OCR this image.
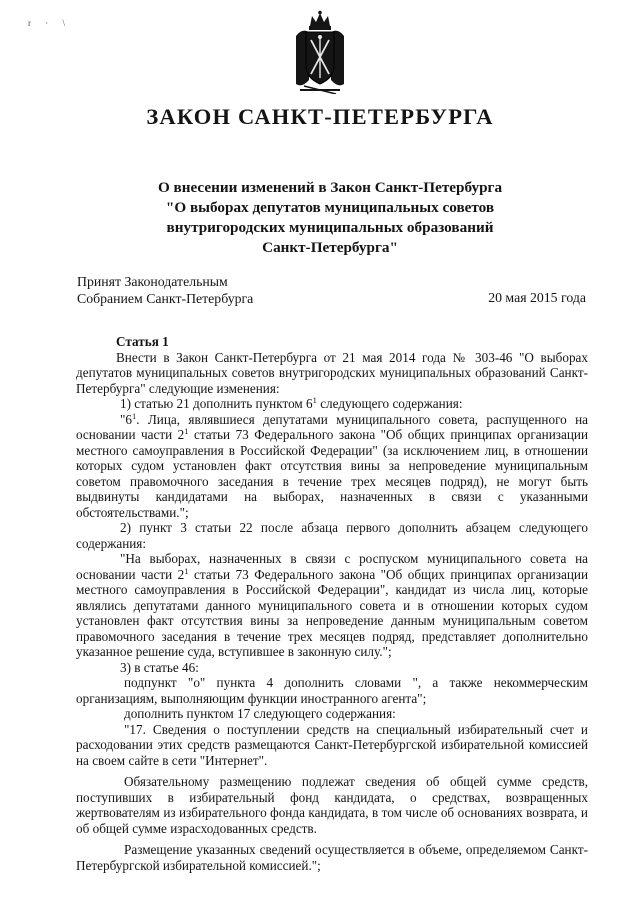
r · \
ЗАКОН САНКТ-ПЕТЕРБУРГА
О внесении изменений в Закон Санкт-Петербурга
"О выборах депутатов муниципальных советов
внутригородских муниципальных образований
Санкт-Петербурга"
Принят Законодательным
Собранием Санкт-Петербурга	20 мая 2015 года

Статья 1

Внести в Закон Санкт-Петербурга от 21 мая 2014 года № 303-46 "О выборах депутатов муниципальных советов внутригородских муниципальных образований Санкт-Петербурга" следующие изменения:

1) статью 21 дополнить пунктом $6^1$ следующего содержания:

"$6^1$. Лица, являвшиеся депутатами муниципального совета, распущенного на основании части $2^1$ статьи 73 Федерального закона "Об общих принципах организации местного самоуправления в Российской Федерации" (за исключением лиц, в отношении которых судом установлен факт отсутствия вины за непроведение муниципальным советом правомочного заседания в течение трех месяцев подряд), не могут быть выдвинуты кандидатами на выборах, назначенных в связи с указанными обстоятельствами.";

2) пункт 3 статьи 22 после абзаца первого дополнить абзацем следующего содержания:

"На выборах, назначенных в связи с роспуском муниципального совета на основании части $2^1$ статьи 73 Федерального закона "Об общих принципах организации местного самоуправления в Российской Федерации", кандидат из числа лиц, которые являлись депутатами данного муниципального совета и в отношении которых судом установлен факт отсутствия вины за непроведение данным муниципальным советом правомочного заседания в течение трех месяцев подряд, представляет дополнительно указанное решение суда, вступившее в законную силу.";

3) в статье 46:

подпункт "о" пункта 4 дополнить словами ", а также некоммерческим организациям, выполняющим функции иностранного агента";

дополнить пунктом 17 следующего содержания:

"17. Сведения о поступлении средств на специальный избирательный счет и расходовании этих средств размещаются Санкт-Петербургской избирательной комиссией на своем сайте в сети "Интернет".

Обязательному размещению подлежат сведения об общей сумме средств, поступивших в избирательный фонд кандидата, о средствах, возвращенных жертвователям из избирательного фонда кандидата, в том числе об основаниях возврата, и об общей сумме израсходованных средств.

Размещение указанных сведений осуществляется в объеме, определяемом Санкт-Петербургской избирательной комиссией.";
